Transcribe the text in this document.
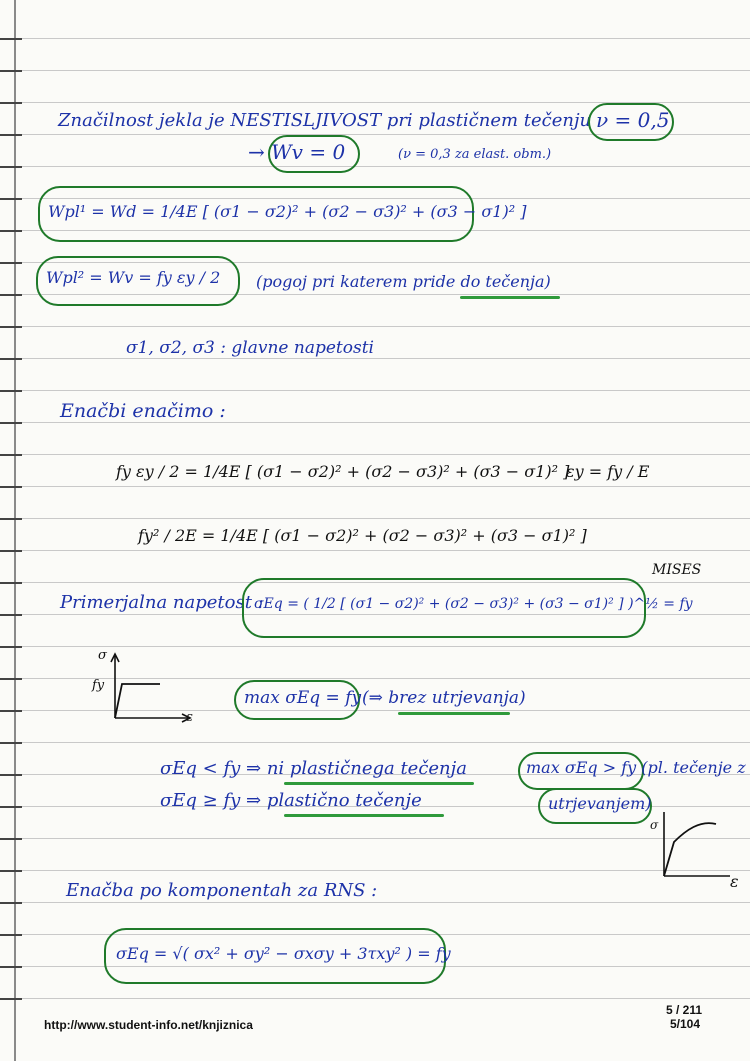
Značilnost jekla je NESTISLJIVOST pri plastičnem tečenju ν = 0,5
→ Wv = 0	(ν = 0,3 za elast. obm.)
Wpl¹ = Wd = 1/4E [ (σ1 − σ2)² + (σ2 − σ3)² + (σ3 − σ1)² ]
Wpl² = Wv = fy εy / 2 (pogoj pri katerem pride do tečenja)
σ1, σ2, σ3 : glavne napetosti
Enačbi enačimo :
fy εy / 2 = 1/4E [ (σ1 − σ2)² + (σ2 − σ3)² + (σ3 − σ1)² ]
εy = fy / E
fy² / 2E = 1/4E [ (σ1 − σ2)² + (σ2 − σ3)² + (σ3 − σ1)² ]
MISES
Primerjalna napetost :
σEq = ( 1/2 [ (σ1 − σ2)² + (σ2 − σ3)² + (σ3 − σ1)² ] )^½ = fy
σ
fy
ε
max σEq = fy (⇒ brez utrjevanja)
σEq < fy ⇒ ni plastičnega tečenja
σEq ≥ fy ⇒ plastično tečenje
max σEq > fy (pl. tečenje z
utrjevanjem)
σ
ε
Enačba po komponentah za RNS :
σEq = √( σx² + σy² − σxσy + 3τxy² ) = fy
http://www.student-info.net/knjiznica
5 / 211
5/104
